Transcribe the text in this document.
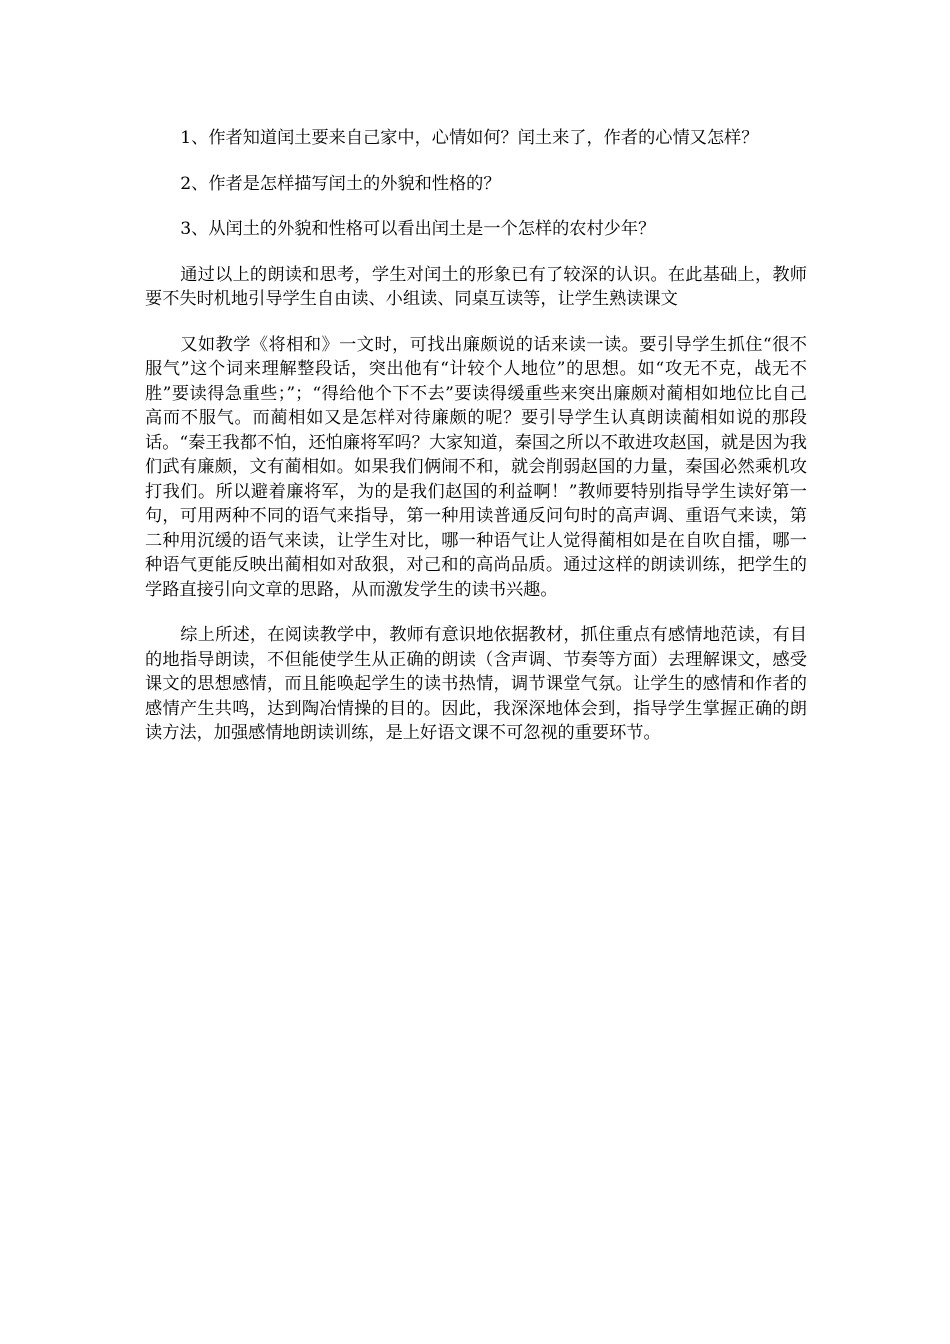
1、作者知道闰土要来自己家中，心情如何？闰土来了，作者的心情又怎样？

2、作者是怎样描写闰土的外貌和性格的？

3、从闰土的外貌和性格可以看出闰土是一个怎样的农村少年？

通过以上的朗读和思考，学生对闰土的形象已有了较深的认识。在此基础上，教师要不失时机地引导学生自由读、小组读、同桌互读等，让学生熟读课文

又如教学《将相和》一文时，可找出廉颇说的话来读一读。要引导学生抓住“很不服气”这个词来理解整段话，突出他有“计较个人地位”的思想。如“攻无不克，战无不胜”要读得急重些；”；“得给他个下不去”要读得缓重些来突出廉颇对蔺相如地位比自己高而不服气。而蔺相如又是怎样对待廉颇的呢？要引导学生认真朗读蔺相如说的那段话。“秦王我都不怕，还怕廉将军吗？大家知道，秦国之所以不敢进攻赵国，就是因为我们武有廉颇，文有蔺相如。如果我们俩闹不和，就会削弱赵国的力量，秦国必然乘机攻打我们。所以避着廉将军，为的是我们赵国的利益啊！”教师要特别指导学生读好第一句，可用两种不同的语气来指导，第一种用读普通反问句时的高声调、重语气来读，第二种用沉缓的语气来读，让学生对比，哪一种语气让人觉得蔺相如是在自吹自擂，哪一种语气更能反映出蔺相如对敌狠，对己和的高尚品质。通过这样的朗读训练，把学生的学路直接引向文章的思路，从而激发学生的读书兴趣。

综上所述，在阅读教学中，教师有意识地依据教材，抓住重点有感情地范读，有目的地指导朗读，不但能使学生从正确的朗读（含声调、节奏等方面）去理解课文，感受课文的思想感情，而且能唤起学生的读书热情，调节课堂气氛。让学生的感情和作者的感情产生共鸣，达到陶冶情操的目的。因此，我深深地体会到，指导学生掌握正确的朗读方法，加强感情地朗读训练，是上好语文课不可忽视的重要环节。
